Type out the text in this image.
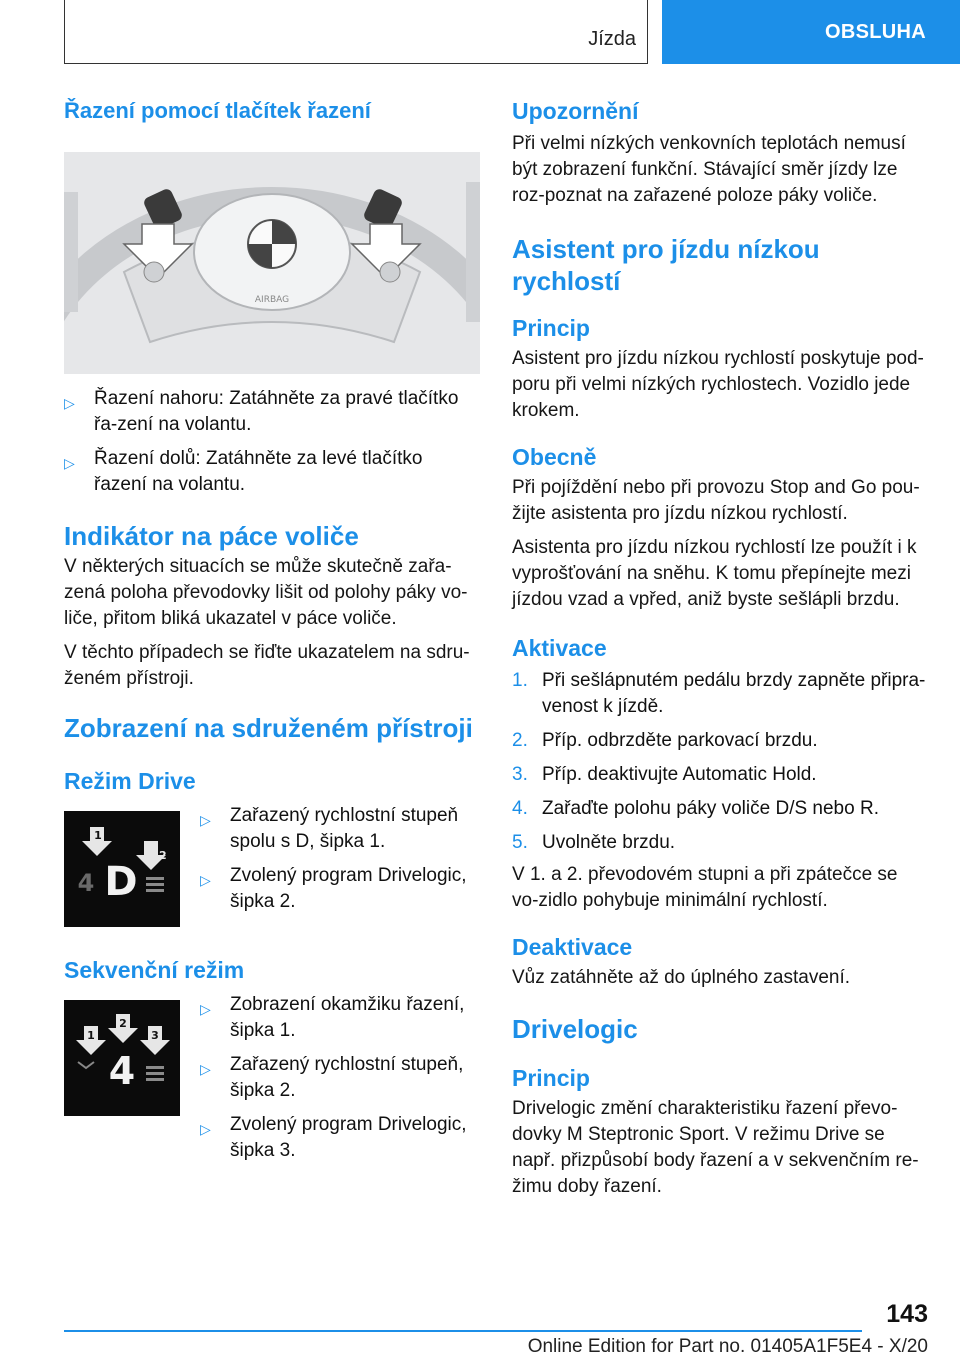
Jízda	OBSLUHA
Řazení pomocí tlačítek řazení
AIRBAG
▷ Řazení nahoru: Zatáhněte za pravé tlačítko řa-zení na volantu.
▷ Řazení dolů: Zatáhněte za levé tlačítko řazení na volantu.
Indikátor na páce voliče

V některých situacích se může skutečně zařa-zená poloha převodovky lišit od polohy páky vo-liče, přitom bliká ukazatel v páce voliče.

V těchto případech se řiďte ukazatelem na sdru-ženém přístroji.

Zobrazení na sdruženém přístroji
Režim Drive
1
2
4 D
▷ Zařazený rychlostní stupeň spolu s D, šipka 1.
▷ Zvolený program Drivelogic, šipka 2.
Sekvenční režim
1
2
3
4
▷ Zobrazení okamžiku řazení, šipka 1.
▷ Zařazený rychlostní stupeň, šipka 2.
▷ Zvolený program Drivelogic, šipka 3.
Upozornění

Při velmi nízkých venkovních teplotách nemusí být zobrazení funkční. Stávající směr jízdy lze roz-poznat na zařazené poloze páky voliče.

Asistent pro jízdu nízkou rychlostí
Princip

Asistent pro jízdu nízkou rychlostí poskytuje pod-poru při velmi nízkých rychlostech. Vozidlo jede krokem.

Obecně

Při pojíždění nebo při provozu Stop and Go pou-žijte asistenta pro jízdu nízkou rychlostí.

Asistenta pro jízdu nízkou rychlostí lze použít i k vyprošťování na sněhu. K tomu přepínejte mezi jízdou vzad a vpřed, aniž byste sešlápli brzdu.

Aktivace
1. Při sešlápnutém pedálu brzdy zapněte připra-venost k jízdě.
2. Příp. odbrzděte parkovací brzdu.
3. Příp. deaktivujte Automatic Hold.
4. Zařaďte polohu páky voliče D/S nebo R.
5. Uvolněte brzdu.

V 1. a 2. převodovém stupni a při zpátečce se vo-zidlo pohybuje minimální rychlostí.

Deaktivace

Vůz zatáhněte až do úplného zastavení.

Drivelogic
Princip

Drivelogic změní charakteristiku řazení převo-dovky M Steptronic Sport. V režimu Drive se např. přizpůsobí body řazení a v sekvenčním re-žimu doby řazení.

143
Online Edition for Part no. 01405A1F5E4 - X/20
